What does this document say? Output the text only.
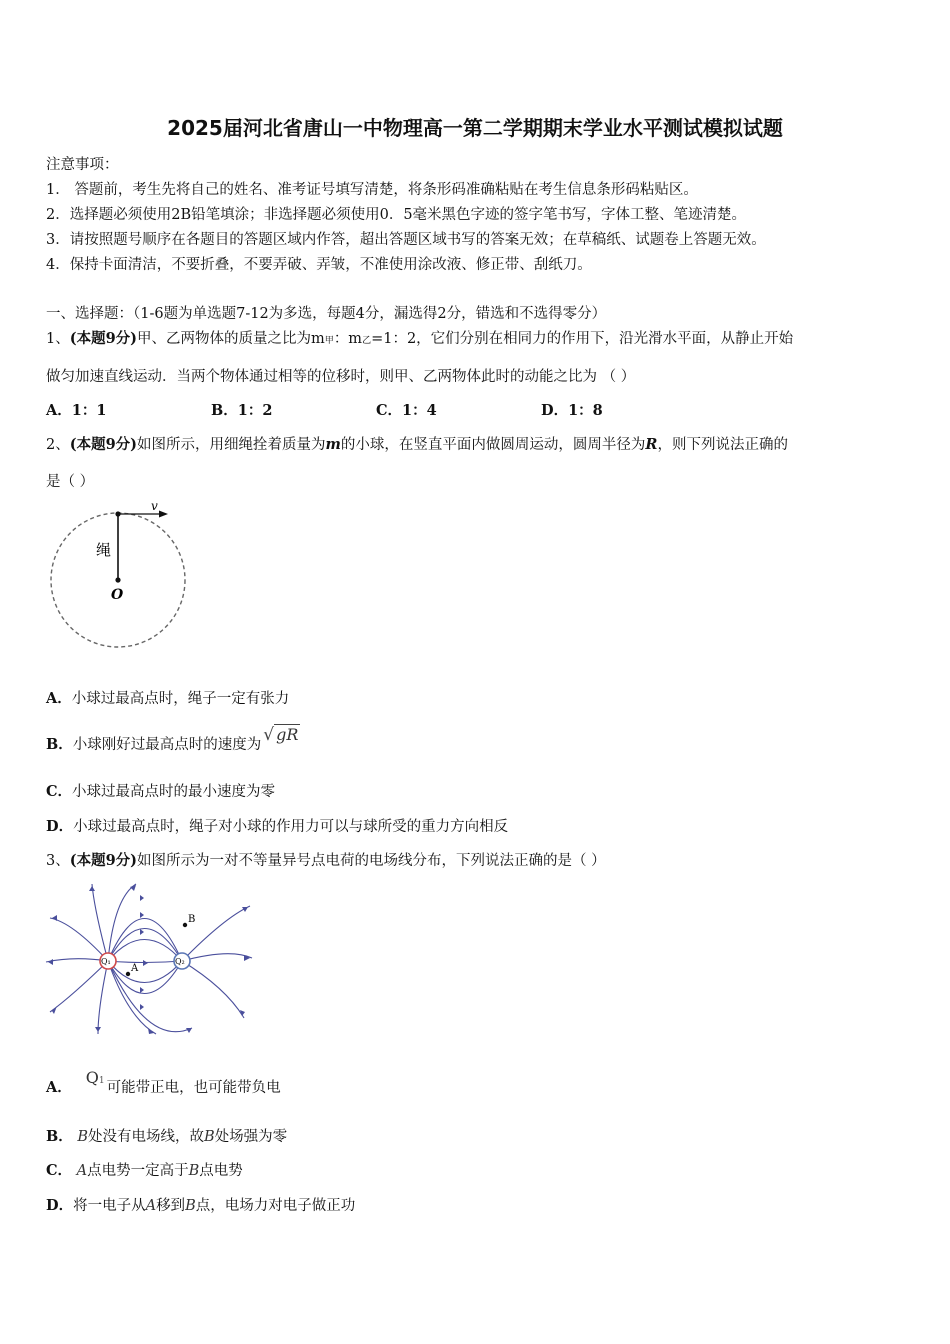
2025届河北省唐山一中物理高一第二学期期末学业水平测试模拟试题
注意事项：
1． 答题前，考生先将自己的姓名、准考证号填写清楚，将条形码准确粘贴在考生信息条形码粘贴区。
2．选择题必须使用2B铅笔填涂；非选择题必须使用0．5毫米黑色字迹的签字笔书写，字体工整、笔迹清楚。
3．请按照题号顺序在各题目的答题区域内作答，超出答题区域书写的答案无效；在草稿纸、试题卷上答题无效。
4．保持卡面清洁，不要折叠，不要弄破、弄皱，不准使用涂改液、修正带、刮纸刀。
一、选择题：（1-6题为单选题7-12为多选，每题4分，漏选得2分，错选和不选得零分）
1、(本题9分)甲、乙两物体的质量之比为m甲：m乙=1：2，它们分别在相同力的作用下，沿光滑水平面，从静止开始
做匀加速直线运动．当两个物体通过相等的位移时，则甲、乙两物体此时的动能之比为 （ ）
A．1：1	B．1：2	C．1：4	D．1：8
2、(本题9分)如图所示，用细绳拴着质量为m的小球，在竖直平面内做圆周运动，圆周半径为R，则下列说法正确的
是（ ）
v
绳
O
A．小球过最高点时，绳子一定有张力
B．小球刚好过最高点时的速度为 √ gR
C．小球过最高点时的最小速度为零
D．小球过最高点时，绳子对小球的作用力可以与球所受的重力方向相反
3、(本题9分)如图所示为一对不等量异号点电荷的电场线分布，下列说法正确的是（ ）
Q₁	Q₂
A
B
A．Q1 可能带正电，也可能带负电
B． B处没有电场线，故B处场强为零
C． A点电势一定高于B点电势
D．将一电子从A移到B点，电场力对电子做正功
